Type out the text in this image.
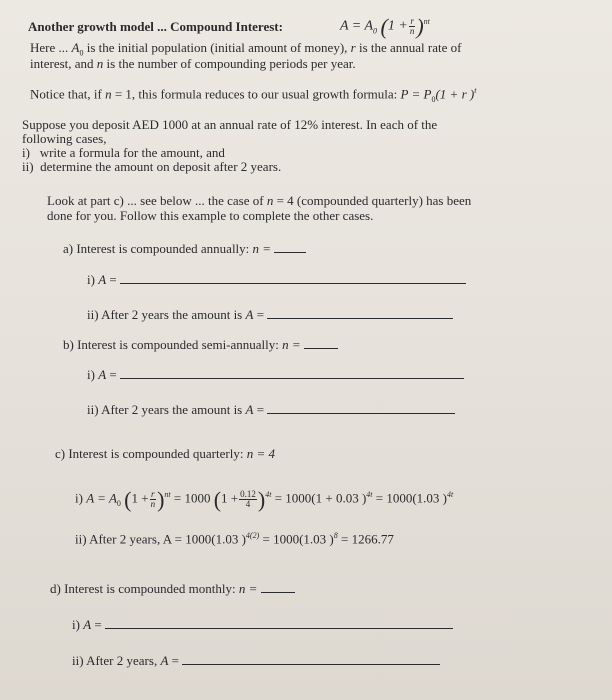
Another growth model ... Compound Interest:	$A = A_0$ $(1 + \frac{r}{n} )^{nt}$
Here ... $A_0$ is the initial population (initial amount of money), r is the annual rate of
interest, and n is the number of compounding periods per year.
Notice that, if n = 1, this formula reduces to our usual growth formula: $P = P_0(1 + r$ )$^t$
Suppose you deposit AED 1000 at an annual rate of 12% interest. In each of the
following cases,
i) write a formula for the amount, and
ii) determine the amount on deposit after 2 years.
Look at part c) ... see below ... the case of n = 4 (compounded quarterly) has been
done for you. Follow this example to complete the other cases.
a) Interest is compounded annually: n =
i) A =
ii) After 2 years the amount is A =
b) Interest is compounded semi-annually: n =
i) A =
ii) After 2 years the amount is A =
c) Interest is compounded quarterly: n = 4
i) $A = A_0$ $(1 + \frac{r}{n} )^{nt} = 1000$ $(1 + \frac{0.12}{4} )^{4t} = 1000(1 + 0.03$ )$^{4t}$ = 1000(1.03 )$^{4t}$
ii) After 2 years, A = 1000(1.03 )$^{4(2)}$ = 1000(1.03 )$^8$ = 1266.77
d) Interest is compounded monthly: n =
i) A =
ii) After 2 years, A =
